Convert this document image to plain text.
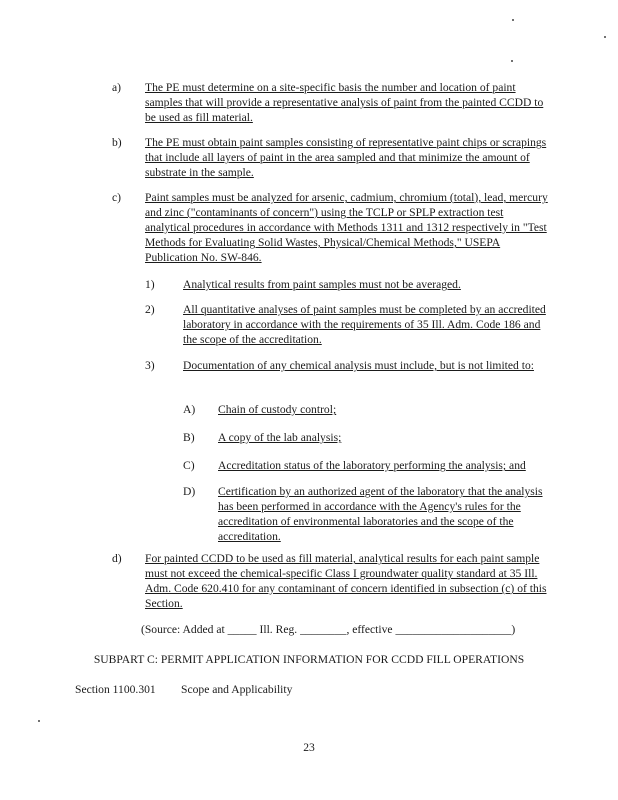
a) The PE must determine on a site-specific basis the number and location of paint samples that will provide a representative analysis of paint from the painted CCDD to be used as fill material.
b) The PE must obtain paint samples consisting of representative paint chips or scrapings that include all layers of paint in the area sampled and that minimize the amount of substrate in the sample.
c) Paint samples must be analyzed for arsenic, cadmium, chromium (total), lead, mercury and zinc ("contaminants of concern") using the TCLP or SPLP extraction test analytical procedures in accordance with Methods 1311 and 1312 respectively in "Test Methods for Evaluating Solid Wastes, Physical/Chemical Methods," USEPA Publication No. SW-846.
1) Analytical results from paint samples must not be averaged.
2) All quantitative analyses of paint samples must be completed by an accredited laboratory in accordance with the requirements of 35 Ill. Adm. Code 186 and the scope of the accreditation.
3) Documentation of any chemical analysis must include, but is not limited to:
A) Chain of custody control;
B) A copy of the lab analysis;
C) Accreditation status of the laboratory performing the analysis; and
D) Certification by an authorized agent of the laboratory that the analysis has been performed in accordance with the Agency's rules for the accreditation of environmental laboratories and the scope of the accreditation.
d) For painted CCDD to be used as fill material, analytical results for each paint sample must not exceed the chemical-specific Class I groundwater quality standard at 35 Ill. Adm. Code 620.410 for any contaminant of concern identified in subsection (c) of this Section.
(Source: Added at _____ Ill. Reg. ________, effective ____________________)
SUBPART C: PERMIT APPLICATION INFORMATION FOR CCDD FILL OPERATIONS
Section 1100.301 Scope and Applicability
23
